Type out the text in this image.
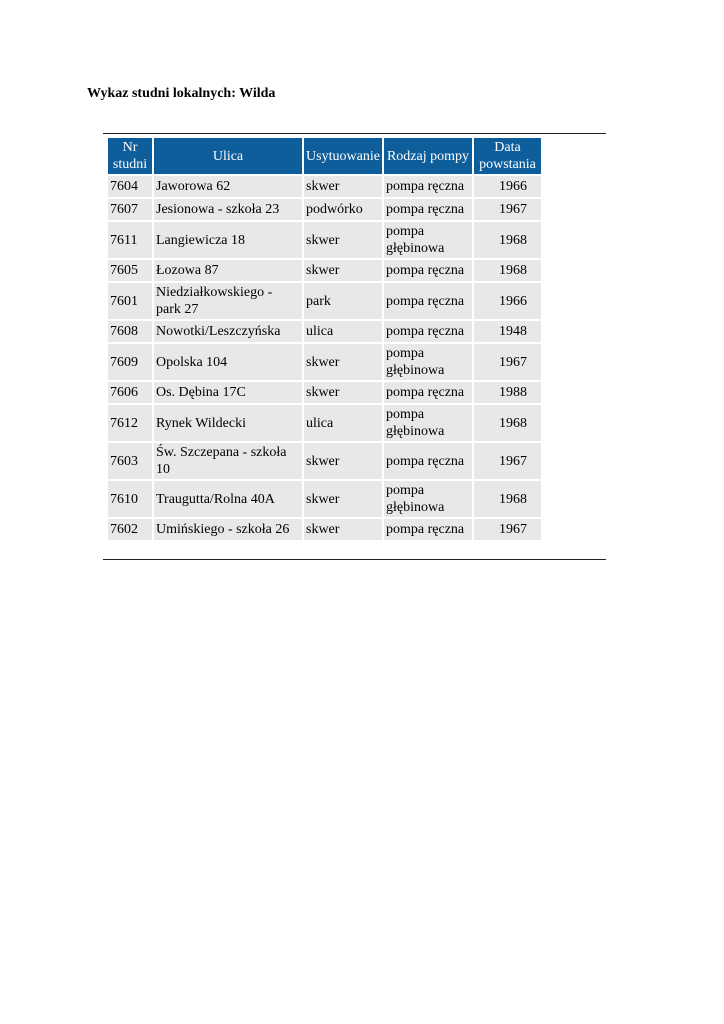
Wykaz studni lokalnych: Wilda
Nr studni	Ulica	Usytuowanie	Rodzaj pompy	Data powstania
7604	Jaworowa 62	skwer	pompa ręczna	1966
7607	Jesionowa - szkoła 23	podwórko	pompa ręczna	1967
7611	Langiewicza 18	skwer	pompa głębinowa	1968
7605	Łozowa 87	skwer	pompa ręczna	1968
7601	Niedziałkowskiego - park 27	park	pompa ręczna	1966
7608	Nowotki/Leszczyńska	ulica	pompa ręczna	1948
7609	Opolska 104	skwer	pompa głębinowa	1967
7606	Os. Dębina 17C	skwer	pompa ręczna	1988
7612	Rynek Wildecki	ulica	pompa głębinowa	1968
7603	Św. Szczepana - szkoła 10	skwer	pompa ręczna	1967
7610	Traugutta/Rolna 40A	skwer	pompa głębinowa	1968
7602	Umińskiego - szkoła 26	skwer	pompa ręczna	1967
